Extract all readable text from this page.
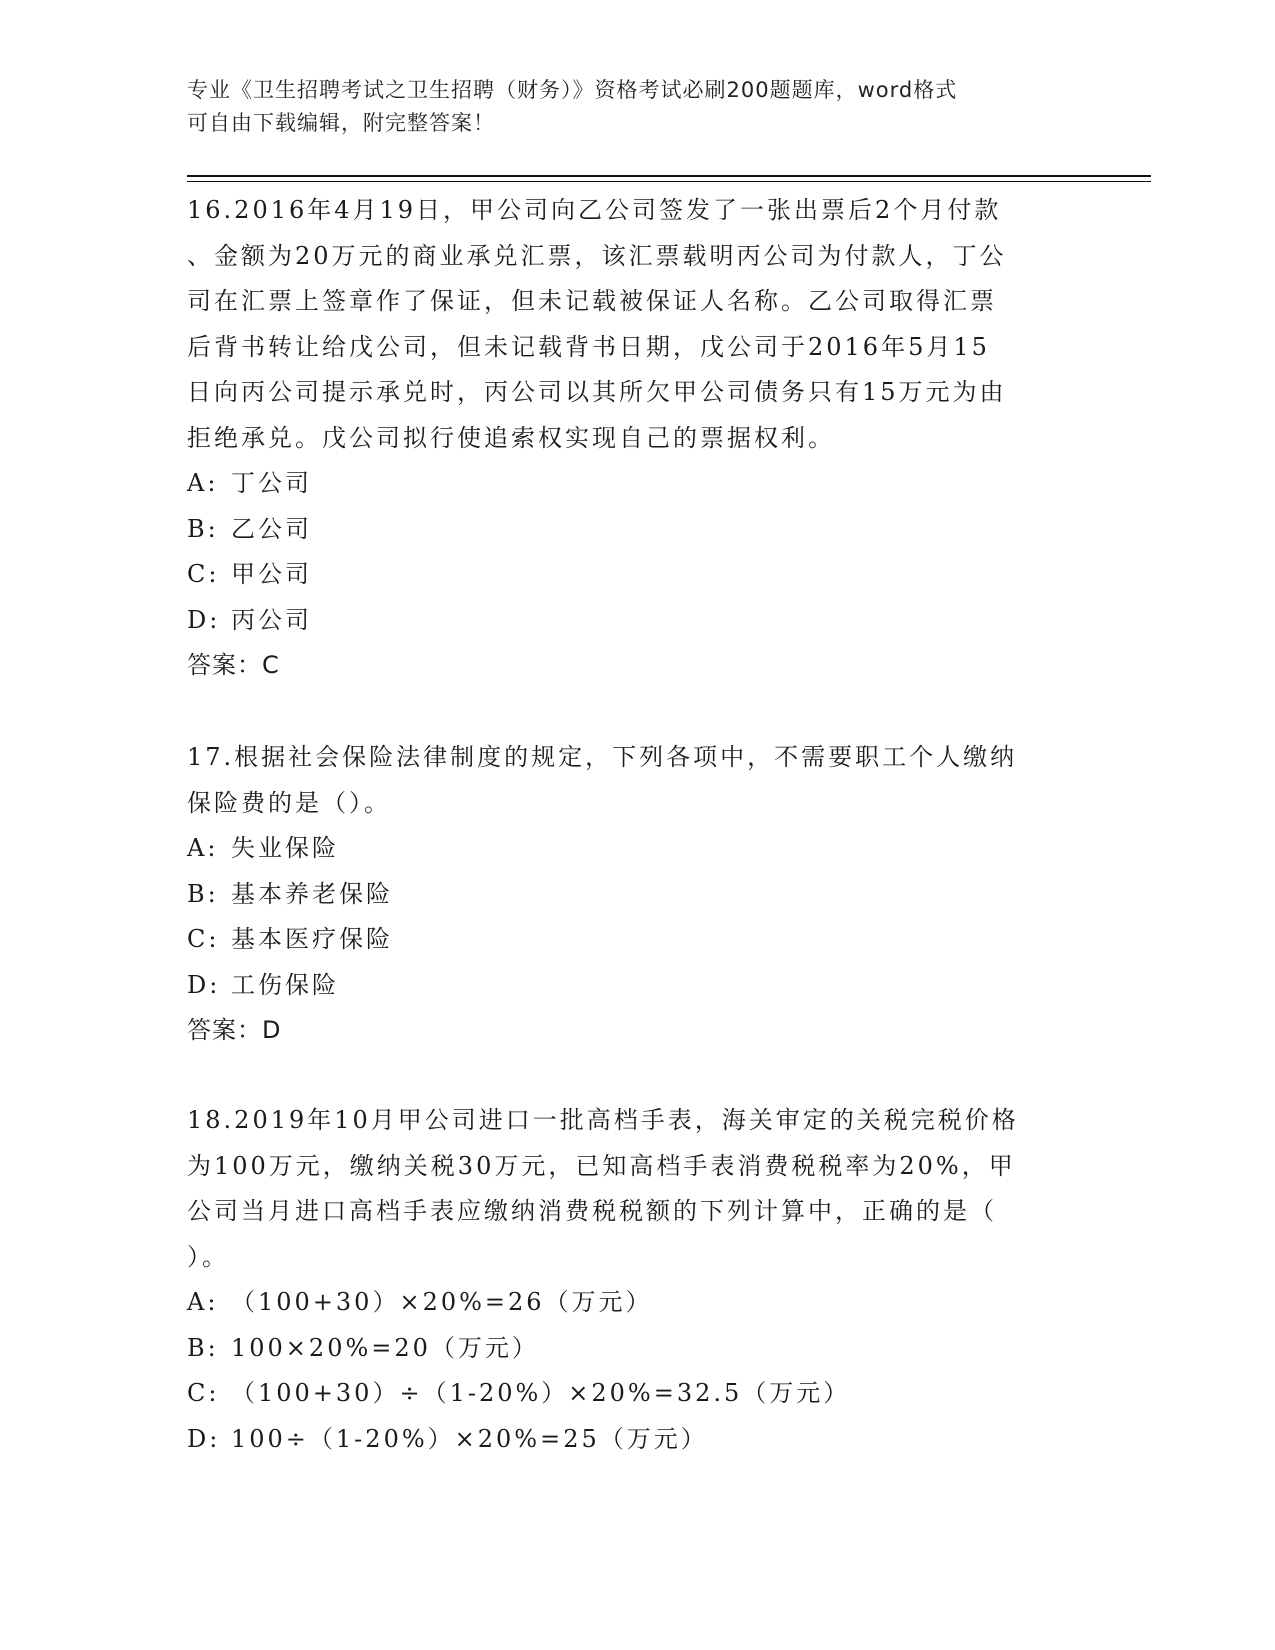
专业《卫生招聘考试之卫生招聘（财务）》资格考试必刷200题题库，word格式
可自由下载编辑，附完整答案！

16.2016年4月19日，甲公司向乙公司签发了一张出票后2个月付款

、金额为20万元的商业承兑汇票，该汇票载明丙公司为付款人，丁公

司在汇票上签章作了保证，但未记载被保证人名称。乙公司取得汇票

后背书转让给戊公司，但未记载背书日期，戊公司于2016年5月15

日向丙公司提示承兑时，丙公司以其所欠甲公司债务只有15万元为由

拒绝承兑。戊公司拟行使追索权实现自己的票据权利。

A: 丁公司

B: 乙公司

C: 甲公司

D: 丙公司

答案：C

17.根据社会保险法律制度的规定，下列各项中，不需要职工个人缴纳

保险费的是（）。

A: 失业保险

B: 基本养老保险

C: 基本医疗保险

D: 工伤保险

答案：D

18.2019年10月甲公司进口一批高档手表，海关审定的关税完税价格

为100万元，缴纳关税30万元，已知高档手表消费税税率为20%，甲

公司当月进口高档手表应缴纳消费税税额的下列计算中，正确的是（

）。

A: （100+30）×20%=26（万元）

B: 100×20%=20（万元）

C: （100+30）÷（1-20%）×20%=32.5（万元）

D: 100÷（1-20%）×20%=25（万元）
